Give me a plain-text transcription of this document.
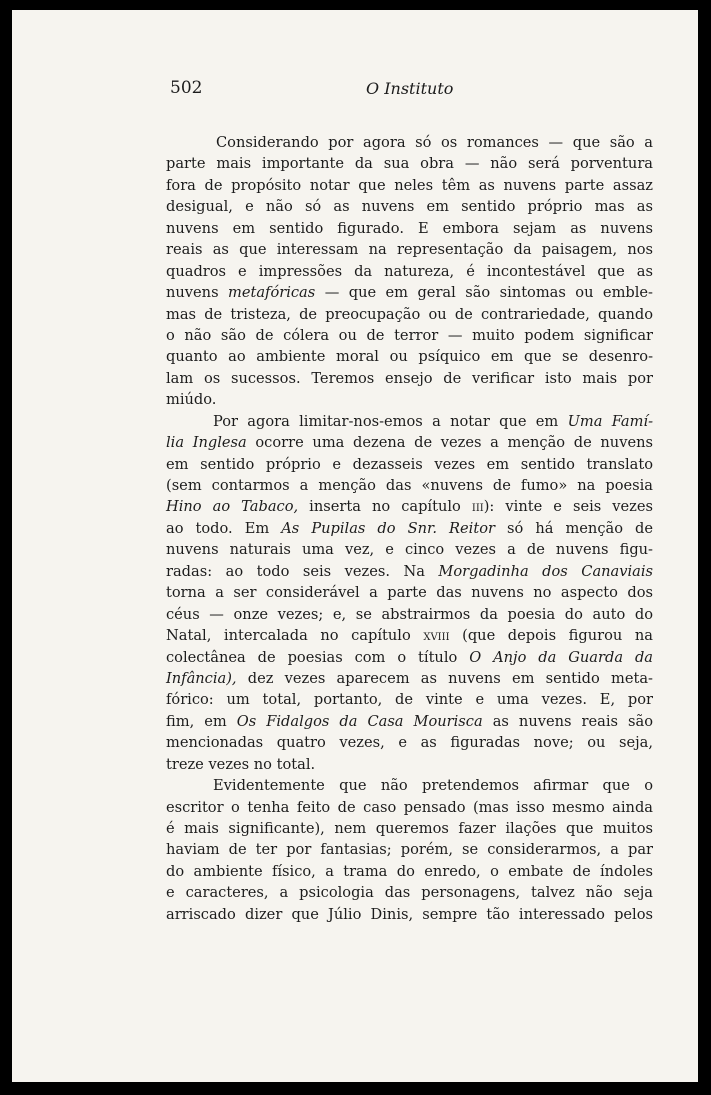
502	O Instituto
Considerando por agora só os romances — que são a
parte mais importante da sua obra — não será porventura
fora de propósito notar que neles têm as nuvens parte assaz
desigual, e não só as nuvens em sentido próprio mas as
nuvens em sentido figurado. E embora sejam as nuvens
reais as que interessam na representação da paisagem, nos
quadros e impressões da natureza, é incontestável que as
nuvens metafóricas — que em geral são sintomas ou emble-
mas de tristeza, de preocupação ou de contrariedade, quando
o não são de cólera ou de terror — muito podem significar
quanto ao ambiente moral ou psíquico em que se desenro-
lam os sucessos. Teremos ensejo de verificar isto mais por
miúdo.
Por agora limitar-nos-emos a notar que em Uma Famí-
lia Inglesa ocorre uma dezena de vezes a menção de nuvens
em sentido próprio e dezasseis vezes em sentido translato
(sem contarmos a menção das «nuvens de fumo» na poesia
Hino ao Tabaco, inserta no capítulo iii): vinte e seis vezes
ao todo. Em As Pupilas do Snr. Reitor só há menção de
nuvens naturais uma vez, e cinco vezes a de nuvens figu-
radas: ao todo seis vezes. Na Morgadinha dos Canaviais
torna a ser considerável a parte das nuvens no aspecto dos
céus — onze vezes; e, se abstrairmos da poesia do auto do
Natal, intercalada no capítulo xviii (que depois figurou na
colectânea de poesias com o título O Anjo da Guarda da
Infância), dez vezes aparecem as nuvens em sentido meta-
fórico: um total, portanto, de vinte e uma vezes. E, por
fim, em Os Fidalgos da Casa Mourisca as nuvens reais são
mencionadas quatro vezes, e as figuradas nove; ou seja,
treze vezes no total.
Evidentemente que não pretendemos afirmar que o
escritor o tenha feito de caso pensado (mas isso mesmo ainda
é mais significante), nem queremos fazer ilações que muitos
haviam de ter por fantasias; porém, se considerarmos, a par
do ambiente físico, a trama do enredo, o embate de índoles
e caracteres, a psicologia das personagens, talvez não seja
arriscado dizer que Júlio Dinis, sempre tão interessado pelos
